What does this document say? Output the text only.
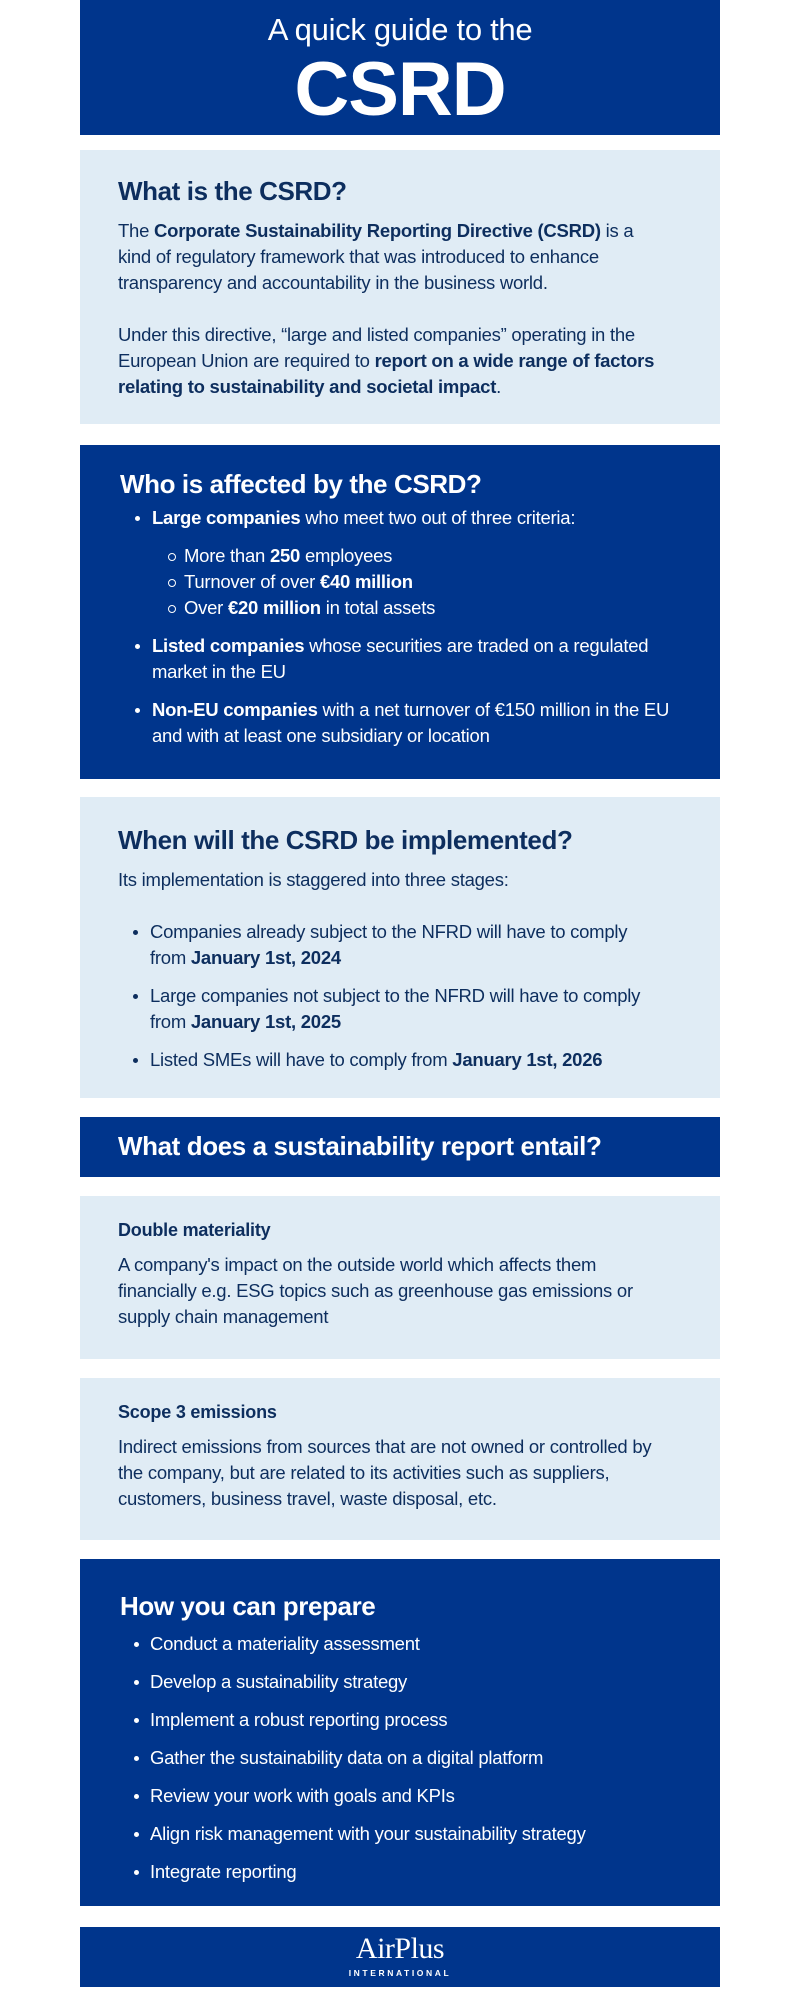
A quick guide to the
CSRD
What is the CSRD?

The Corporate Sustainability Reporting Directive (CSRD) is a kind of regulatory framework that was introduced to enhance transparency and accountability in the business world.

Under this directive, “large and listed companies” operating in the European Union are required to report on a wide range of factors relating to sustainability and societal impact.

Who is affected by the CSRD?
Large companies who meet two out of three criteria:
More than 250 employees
Turnover of over €40 million
Over €20 million in total assets
Listed companies whose securities are traded on a regulated market in the EU
Non-EU companies with a net turnover of €150 million in the EU and with at least one subsidiary or location
When will the CSRD be implemented?

Its implementation is staggered into three stages:

Companies already subject to the NFRD will have to comply from January 1st, 2024
Large companies not subject to the NFRD will have to comply from January 1st, 2025
Listed SMEs will have to comply from January 1st, 2026
What does a sustainability report entail?
Double materiality

A company's impact on the outside world which affects them financially e.g. ESG topics such as greenhouse gas emissions or supply chain management

Scope 3 emissions

Indirect emissions from sources that are not owned or controlled by the company, but are related to its activities such as suppliers, customers, business travel, waste disposal, etc.

How you can prepare
Conduct a materiality assessment
Develop a sustainability strategy
Implement a robust reporting process
Gather the sustainability data on a digital platform
Review your work with goals and KPIs
Align risk management with your sustainability strategy
Integrate reporting
AirPlus
INTERNATIONAL
